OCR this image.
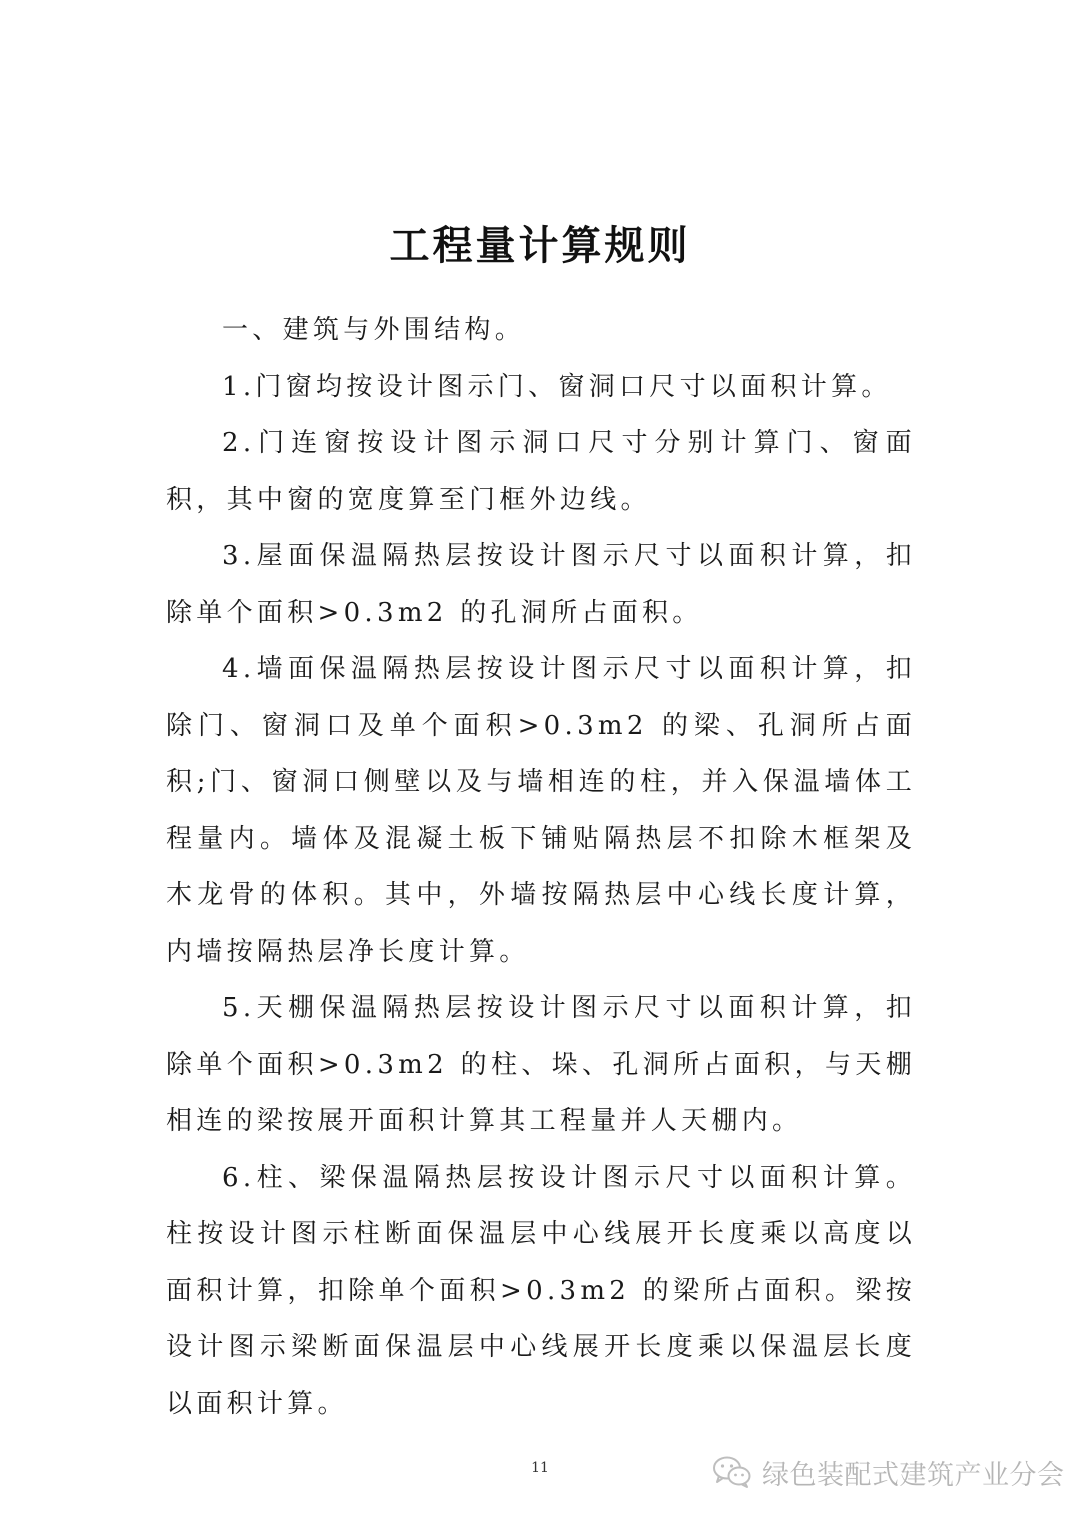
工程量计算规则

一、建筑与外围结构。

1.门窗均按设计图示门、窗洞口尺寸以面积计算。

2.门连窗按设计图示洞口尺寸分别计算门、窗面积，其中窗的宽度算至门框外边线。

3.屋面保温隔热层按设计图示尺寸以面积计算，扣除单个面积>0.3m2 的孔洞所占面积。

4.墙面保温隔热层按设计图示尺寸以面积计算，扣除门、窗洞口及单个面积>0.3m2 的梁、孔洞所占面积;门、窗洞口侧壁以及与墙相连的柱，并入保温墙体工程量内。墙体及混凝土板下铺贴隔热层不扣除木框架及木龙骨的体积。其中，外墙按隔热层中心线长度计算，内墙按隔热层净长度计算。

5.天棚保温隔热层按设计图示尺寸以面积计算，扣除单个面积>0.3m2 的柱、垛、孔洞所占面积，与天棚相连的梁按展开面积计算其工程量并人天棚内。

6.柱、梁保温隔热层按设计图示尺寸以面积计算。柱按设计图示柱断面保温层中心线展开长度乘以高度以面积计算，扣除单个面积>0.3m2 的梁所占面积。梁按设计图示梁断面保温层中心线展开长度乘以保温层长度以面积计算。

11	绿色装配式建筑产业分会
